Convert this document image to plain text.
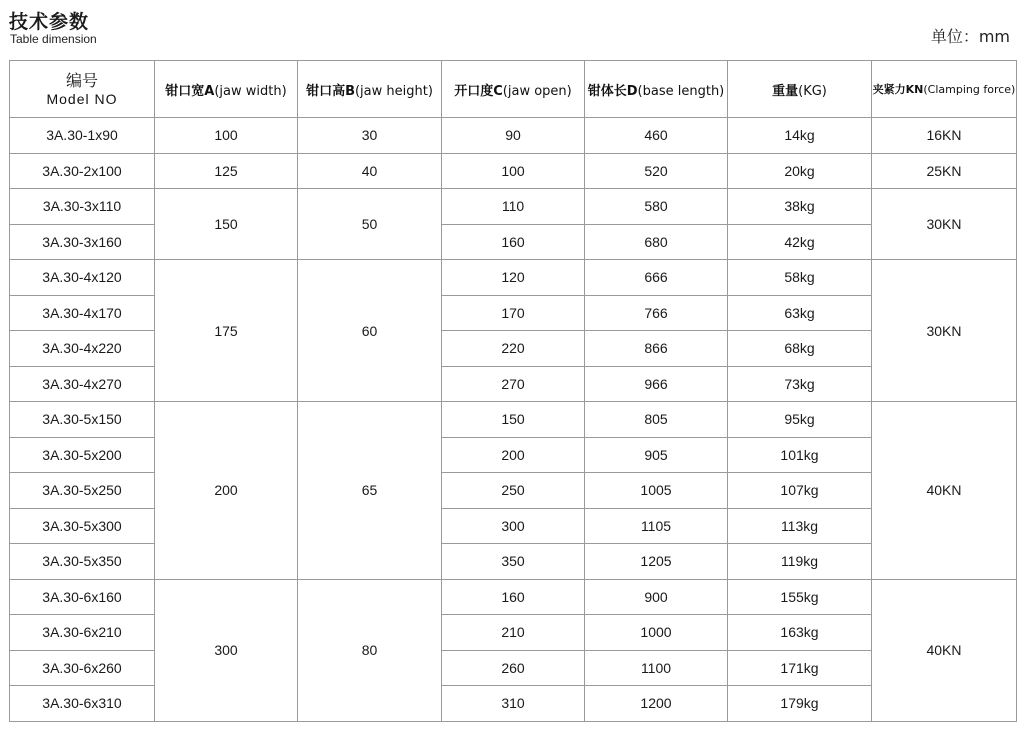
技术参数
Table dimension	单位：mm
编号
Model NO	钳口宽A(jaw width)	钳口高B(jaw height)	开口度C(jaw open)	钳体长D(base length)	重量(KG)	夹紧力KN(Clamping force)
3A.30-1x90	100	30	90	460	14kg	16KN
3A.30-2x100	125	40	100	520	20kg	25KN
3A.30-3x110	150	50	110	580	38kg	30KN
3A.30-3x160			160	680	42kg	
3A.30-4x120	175	60	120	666	58kg	30KN
3A.30-4x170			170	766	63kg	
3A.30-4x220			220	866	68kg	
3A.30-4x270			270	966	73kg	
3A.30-5x150	200	65	150	805	95kg	40KN
3A.30-5x200			200	905	101kg	
3A.30-5x250			250	1005	107kg	
3A.30-5x300			300	1105	113kg	
3A.30-5x350			350	1205	119kg	
3A.30-6x160	300	80	160	900	155kg	40KN
3A.30-6x210			210	1000	163kg	
3A.30-6x260			260	1100	171kg	
3A.30-6x310			310	1200	179kg	
